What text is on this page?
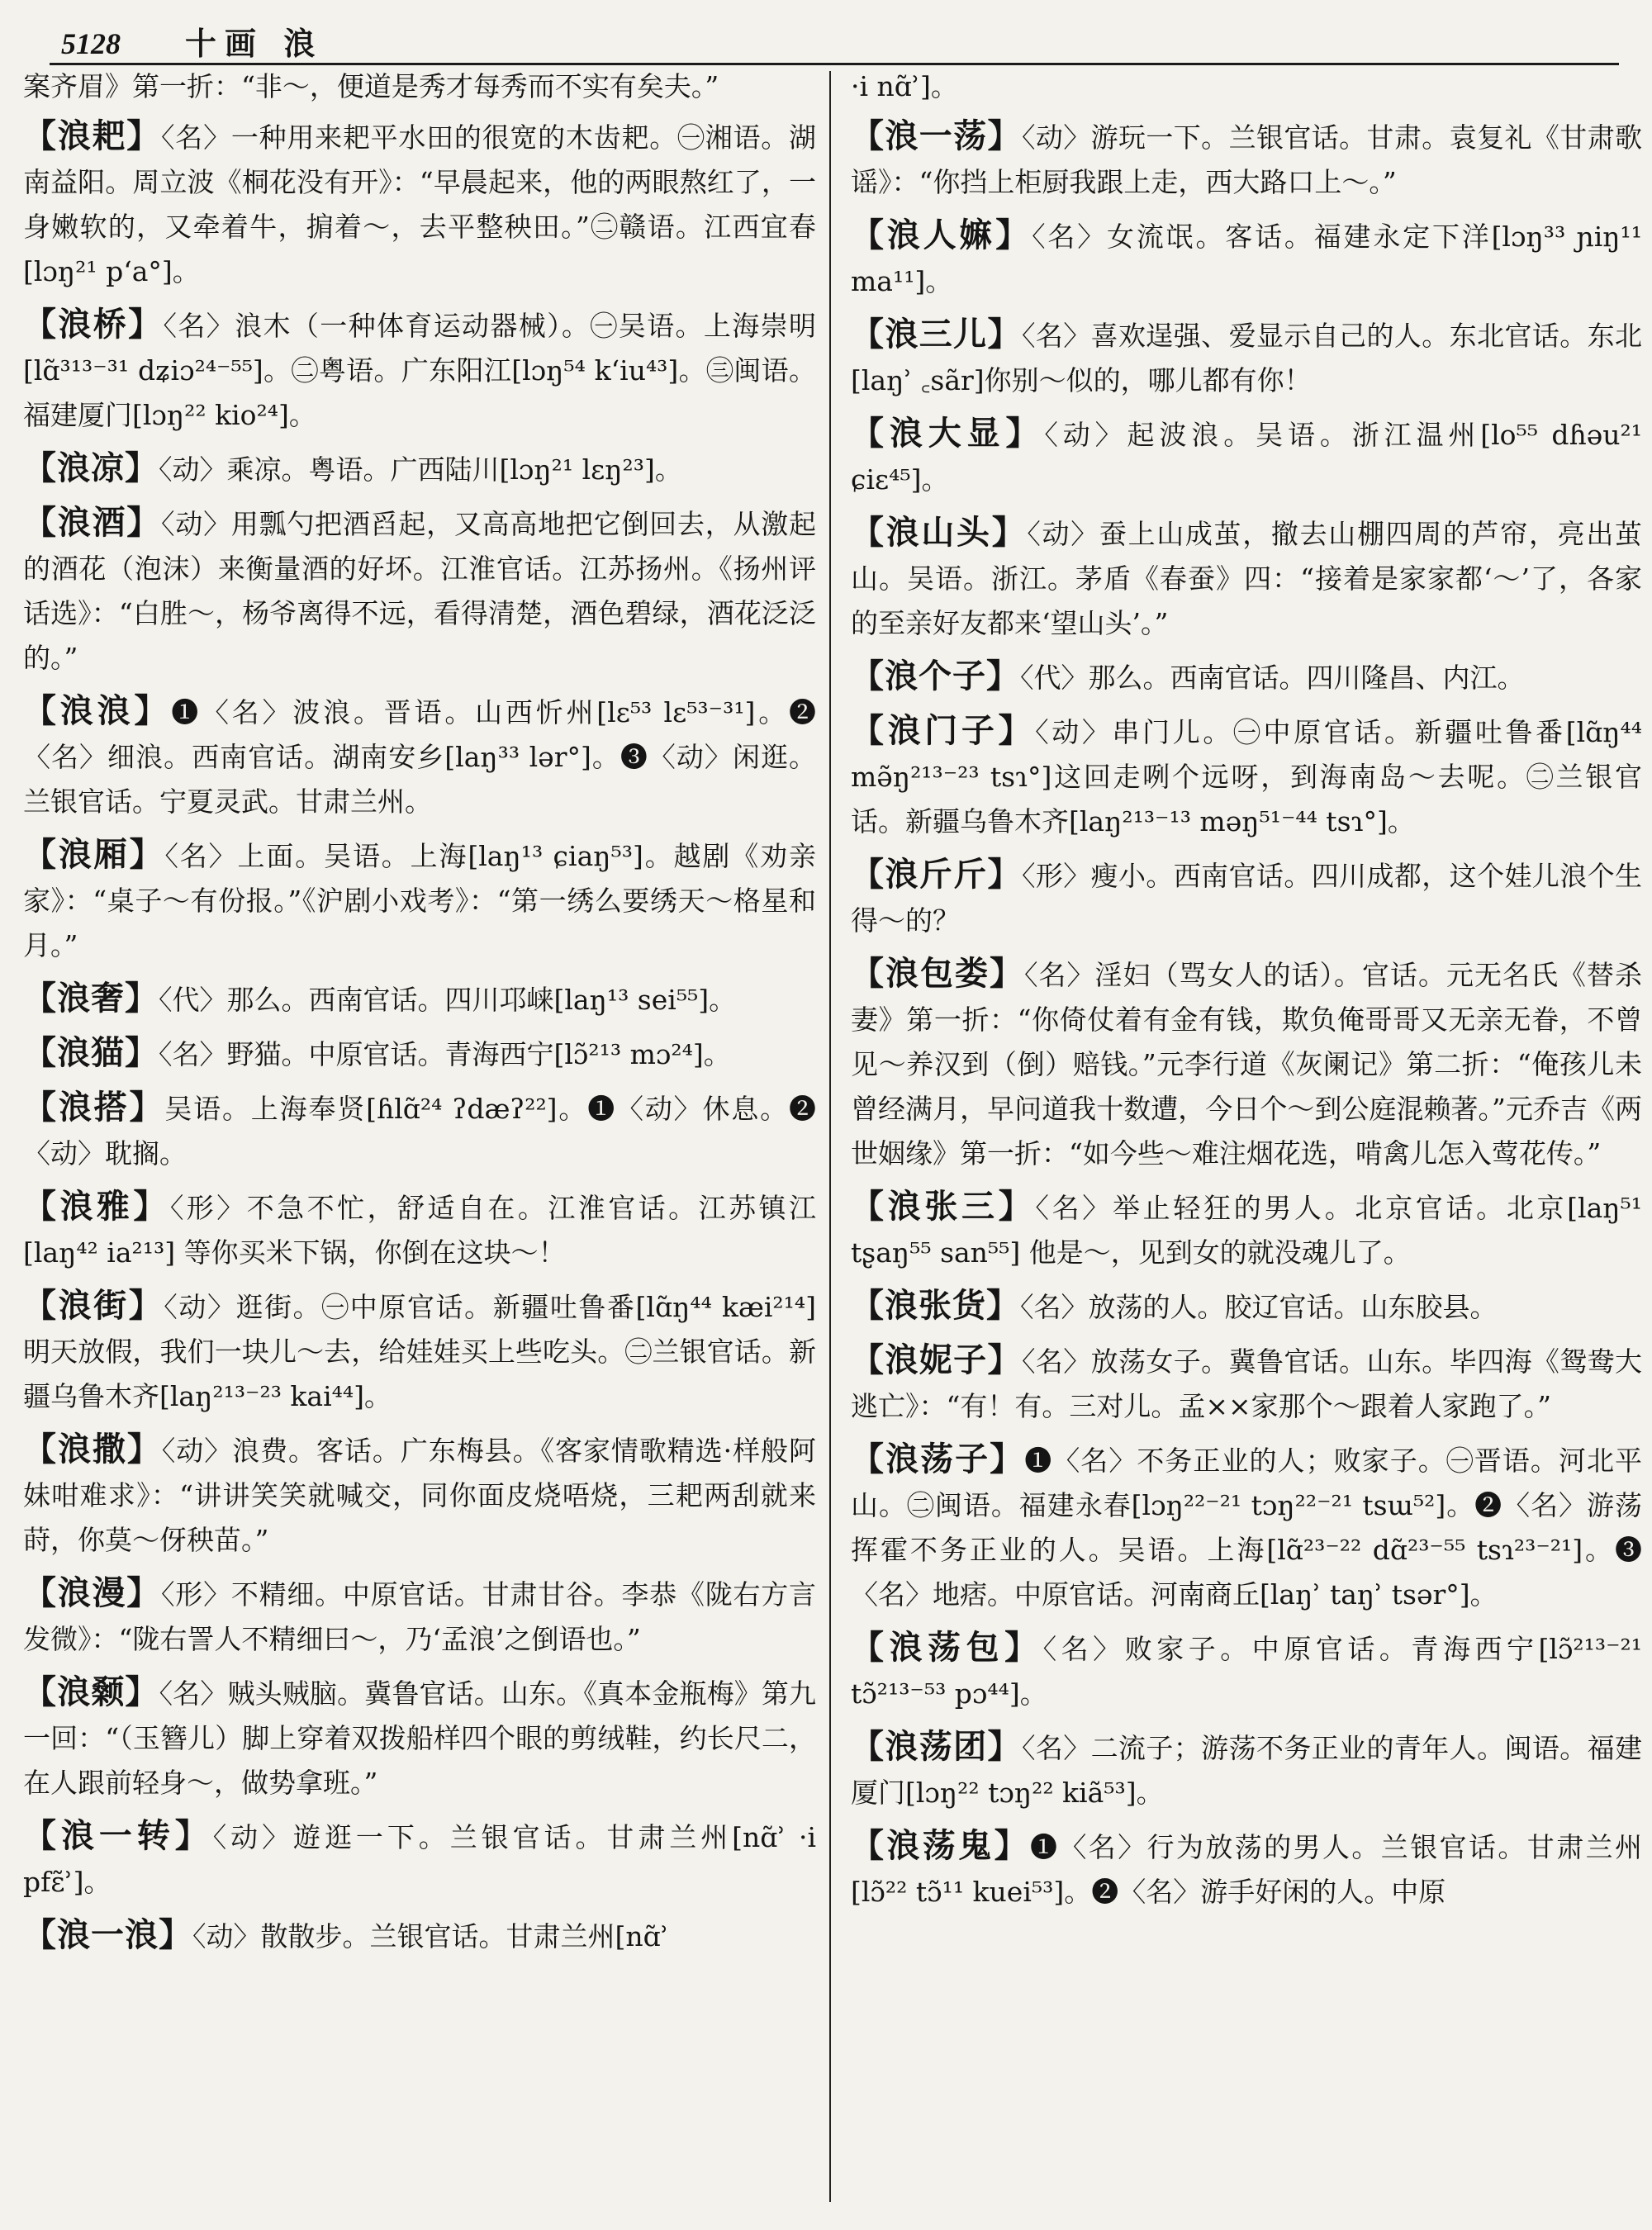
5128 十画 浪

案齐眉》第一折：“非～，便道是秀才每秀而不实有矣夫。”

【浪耙】〈名〉一种用来耙平水田的很宽的木齿耙。㊀湘语。湖南益阳。周立波《桐花没有开》：“早晨起来，他的两眼熬红了，一身嫩软的，又牵着牛，掮着～，去平整秧田。”㊁赣语。江西宜春[lɔŋ²¹ pʻa°]。

【浪桥】〈名〉浪木（一种体育运动器械）。㊀吴语。上海崇明[lɑ̃³¹³⁻³¹ dʑiɔ²⁴⁻⁵⁵]。㊁粤语。广东阳江[lɔŋ⁵⁴ kʻiu⁴³]。㊂闽语。福建厦门[lɔŋ²² kio²⁴]。

【浪凉】〈动〉乘凉。粤语。广西陆川[lɔŋ²¹ lɛŋ²³]。

【浪酒】〈动〉用瓢勺把酒舀起，又高高地把它倒回去，从激起的酒花（泡沫）来衡量酒的好坏。江淮官话。江苏扬州。《扬州评话选》：“白胜～，杨爷离得不远，看得清楚，酒色碧绿，酒花泛泛的。”

【浪浪】❶〈名〉波浪。晋语。山西忻州[lɛ⁵³ lɛ⁵³⁻³¹]。❷〈名〉细浪。西南官话。湖南安乡[laŋ³³ lər°]。❸〈动〉闲逛。兰银官话。宁夏灵武。甘肃兰州。

【浪厢】〈名〉上面。吴语。上海[laŋ¹³ ɕiaŋ⁵³]。越剧《劝亲家》：“桌子～有份报。”《沪剧小戏考》：“第一绣么要绣天～格星和月。”

【浪奢】〈代〉那么。西南官话。四川邛崃[laŋ¹³ sei⁵⁵]。

【浪猫】〈名〉野猫。中原官话。青海西宁[lɔ̃²¹³ mɔ²⁴]。

【浪搭】吴语。上海奉贤[ɦlɑ̃²⁴ ʔdæʔ²²]。❶〈动〉休息。❷〈动〉耽搁。

【浪雅】〈形〉不急不忙，舒适自在。江淮官话。江苏镇江[laŋ⁴² ia²¹³] 等你买米下锅，你倒在这块～！

【浪街】〈动〉逛街。㊀中原官话。新疆吐鲁番[lɑ̃ŋ⁴⁴ kæi²¹⁴] 明天放假，我们一块儿～去，给娃娃买上些吃头。㊁兰银官话。新疆乌鲁木齐[laŋ²¹³⁻²³ kai⁴⁴]。

【浪撒】〈动〉浪费。客话。广东梅县。《客家情歌精选·样般阿妹咁难求》：“讲讲笑笑就喊交，同你面皮烧唔烧，三耙两刮就来莳，你莫～伢秧苗。”

【浪漫】〈形〉不精细。中原官话。甘肃甘谷。李恭《陇右方言发微》：“陇右詈人不精细曰～，乃‘孟浪’之倒语也。”

【浪颡】〈名〉贼头贼脑。冀鲁官话。山东。《真本金瓶梅》第九一回：“（玉簪儿）脚上穿着双拨船样四个眼的剪绒鞋，约长尺二，在人跟前轻身～，做势拿班。”

【浪一转】〈动〉遊逛一下。兰银官话。甘肃兰州[nɑ̃ʾ ·i pfɛ̃ʾ]。

【浪一浪】〈动〉散散步。兰银官话。甘肃兰州[nɑ̃ʾ

·i nɑ̃ʾ]。

【浪一荡】〈动〉游玩一下。兰银官话。甘肃。袁复礼《甘肃歌谣》：“你挡上柜厨我跟上走，西大路口上～。”

【浪人嫲】〈名〉女流氓。客话。福建永定下洋[lɔŋ³³ ɲiŋ¹¹ ma¹¹]。

【浪三儿】〈名〉喜欢逞强、爱显示自己的人。东北官话。东北[laŋʾ ꜀sãr]你别～似的，哪儿都有你！

【浪大显】〈动〉起波浪。吴语。浙江温州[lo⁵⁵ dɦəu²¹ ɕiɛ⁴⁵]。

【浪山头】〈动〉蚕上山成茧，撤去山棚四周的芦帘，亮出茧山。吴语。浙江。茅盾《春蚕》四：“接着是家家都‘～’了，各家的至亲好友都来‘望山头’。”

【浪个子】〈代〉那么。西南官话。四川隆昌、内江。

【浪门子】〈动〉串门儿。㊀中原官话。新疆吐鲁番[lɑ̃ŋ⁴⁴ mə̃ŋ²¹³⁻²³ tsɿ°]这回走咧个远呀，到海南岛～去呢。㊁兰银官话。新疆乌鲁木齐[laŋ²¹³⁻¹³ məŋ⁵¹⁻⁴⁴ tsɿ°]。

【浪斤斤】〈形〉瘦小。西南官话。四川成都，这个娃儿浪个生得～的？

【浪包娄】〈名〉淫妇（骂女人的话）。官话。元无名氏《替杀妻》第一折：“你倚仗着有金有钱，欺负俺哥哥又无亲无眷，不曾见～养汉到（倒）赔钱。”元李行道《灰阑记》第二折：“俺孩儿未曾经满月，早问道我十数遭，今日个～到公庭混赖著。”元乔吉《两世姻缘》第一折：“如今些～难注烟花选，啃禽儿怎入莺花传。”

【浪张三】〈名〉举止轻狂的男人。北京官话。北京[laŋ⁵¹ tʂaŋ⁵⁵ san⁵⁵] 他是～，见到女的就没魂儿了。

【浪张货】〈名〉放荡的人。胶辽官话。山东胶县。

【浪妮子】〈名〉放荡女子。冀鲁官话。山东。毕四海《鸳鸯大逃亡》：“有！有。三对儿。孟××家那个～跟着人家跑了。”

【浪荡子】❶〈名〉不务正业的人；败家子。㊀晋语。河北平山。㊁闽语。福建永春[lɔŋ²²⁻²¹ tɔŋ²²⁻²¹ tsɯ⁵²]。❷〈名〉游荡挥霍不务正业的人。吴语。上海[lɑ̃²³⁻²² dɑ̃²³⁻⁵⁵ tsɿ²³⁻²¹]。❸〈名〉地痞。中原官话。河南商丘[laŋʾ taŋʾ tsər°]。

【浪荡包】〈名〉败家子。中原官话。青海西宁[lɔ̃²¹³⁻²¹ tɔ̃²¹³⁻⁵³ pɔ⁴⁴]。

【浪荡团】〈名〉二流子；游荡不务正业的青年人。闽语。福建厦门[lɔŋ²² tɔŋ²² kiã⁵³]。

【浪荡鬼】❶〈名〉行为放荡的男人。兰银官话。甘肃兰州[lɔ̃²² tɔ̃¹¹ kuei⁵³]。❷〈名〉游手好闲的人。中原
